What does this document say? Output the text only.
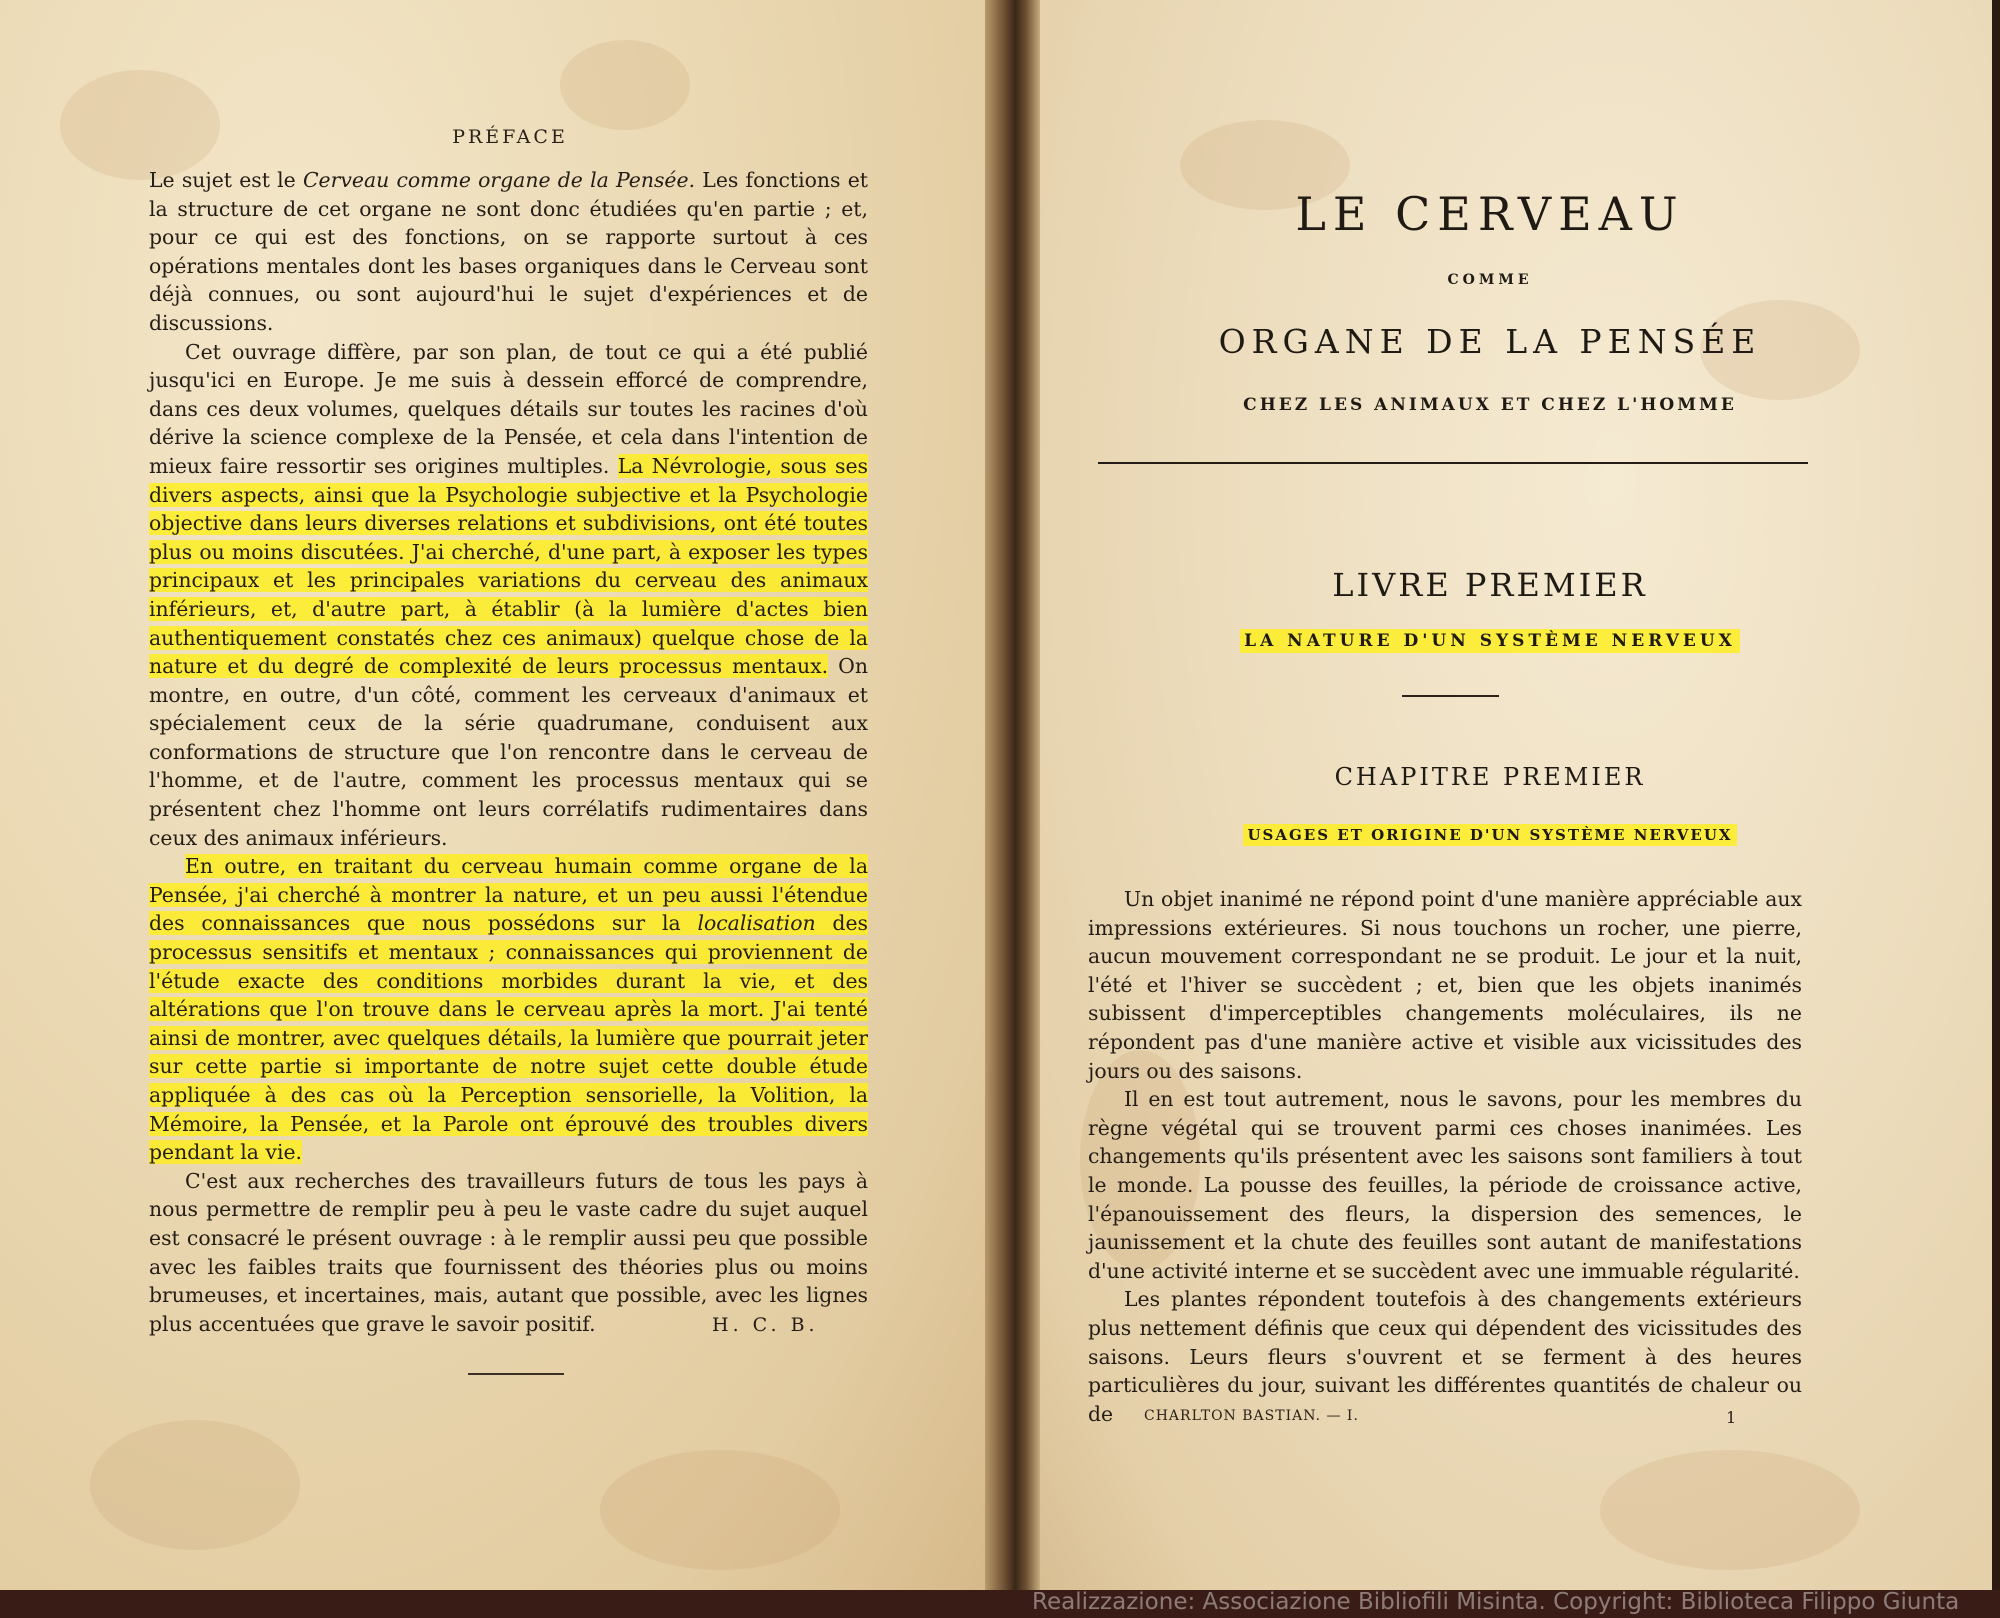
PRÉFACE

Le sujet est le Cerveau comme organe de la Pensée. Les fonctions et la structure de cet organe ne sont donc étudiées qu'en partie ; et, pour ce qui est des fonctions, on se rapporte surtout à ces opérations mentales dont les bases organiques dans le Cerveau sont déjà connues, ou sont aujourd'hui le sujet d'expériences et de discussions.

Cet ouvrage diffère, par son plan, de tout ce qui a été publié jusqu'ici en Europe. Je me suis à dessein efforcé de comprendre, dans ces deux volumes, quelques détails sur toutes les racines d'où dérive la science complexe de la Pensée, et cela dans l'intention de mieux faire ressortir ses origines multiples. La Névrologie, sous ses divers aspects, ainsi que la Psychologie subjective et la Psychologie objective dans leurs diverses relations et subdivisions, ont été toutes plus ou moins discutées. J'ai cherché, d'une part, à exposer les types principaux et les principales variations du cerveau des animaux inférieurs, et, d'autre part, à établir (à la lumière d'actes bien authentiquement constatés chez ces animaux) quelque chose de la nature et du degré de complexité de leurs processus mentaux. On montre, en outre, d'un côté, comment les cerveaux d'animaux et spécialement ceux de la série quadrumane, conduisent aux conformations de structure que l'on rencontre dans le cerveau de l'homme, et de l'autre, comment les processus mentaux qui se présentent chez l'homme ont leurs corrélatifs rudimentaires dans ceux des animaux inférieurs.

En outre, en traitant du cerveau humain comme organe de la Pensée, j'ai cherché à montrer la nature, et un peu aussi l'étendue des connaissances que nous possédons sur la localisation des processus sensitifs et mentaux ; connaissances qui proviennent de l'étude exacte des conditions morbides durant la vie, et des altérations que l'on trouve dans le cerveau après la mort. J'ai tenté ainsi de montrer, avec quelques détails, la lumière que pourrait jeter sur cette partie si importante de notre sujet cette double étude appliquée à des cas où la Perception sensorielle, la Volition, la Mémoire, la Pensée, et la Parole ont éprouvé des troubles divers pendant la vie.

C'est aux recherches des travailleurs futurs de tous les pays à nous permettre de remplir peu à peu le vaste cadre du sujet auquel est consacré le présent ouvrage : à le remplir aussi peu que possible avec les faibles traits que fournissent des théories plus ou moins brumeuses, et incertaines, mais, autant que possible, avec les lignes plus accentuées que grave le savoir positif.	H. C. B.
LE CERVEAU
COMME
ORGANE DE LA PENSÉE
CHEZ LES ANIMAUX ET CHEZ L'HOMME
LIVRE PREMIER
LA NATURE D'UN SYSTÈME NERVEUX
CHAPITRE PREMIER
USAGES ET ORIGINE D'UN SYSTÈME NERVEUX

Un objet inanimé ne répond point d'une manière appréciable aux impressions extérieures. Si nous touchons un rocher, une pierre, aucun mouvement correspondant ne se produit. Le jour et la nuit, l'été et l'hiver se succèdent ; et, bien que les objets inanimés subissent d'imperceptibles changements moléculaires, ils ne répondent pas d'une manière active et visible aux vicissitudes des jours ou des saisons.

Il en est tout autrement, nous le savons, pour les membres du règne végétal qui se trouvent parmi ces choses inanimées. Les changements qu'ils présentent avec les saisons sont familiers à tout le monde. La pousse des feuilles, la période de croissance active, l'épanouissement des fleurs, la dispersion des semences, le jaunissement et la chute des feuilles sont autant de manifestations d'une activité interne et se succèdent avec une immuable régularité.

Les plantes répondent toutefois à des changements extérieurs plus nettement définis que ceux qui dépendent des vicissitudes des saisons. Leurs fleurs s'ouvrent et se ferment à des heures particulières du jour, suivant les différentes quantités de chaleur ou de	CHARLTON BASTIAN. — I.	1
Realizzazione: Associazione Bibliofili Misinta. Copyright: Biblioteca Filippo Giunta
